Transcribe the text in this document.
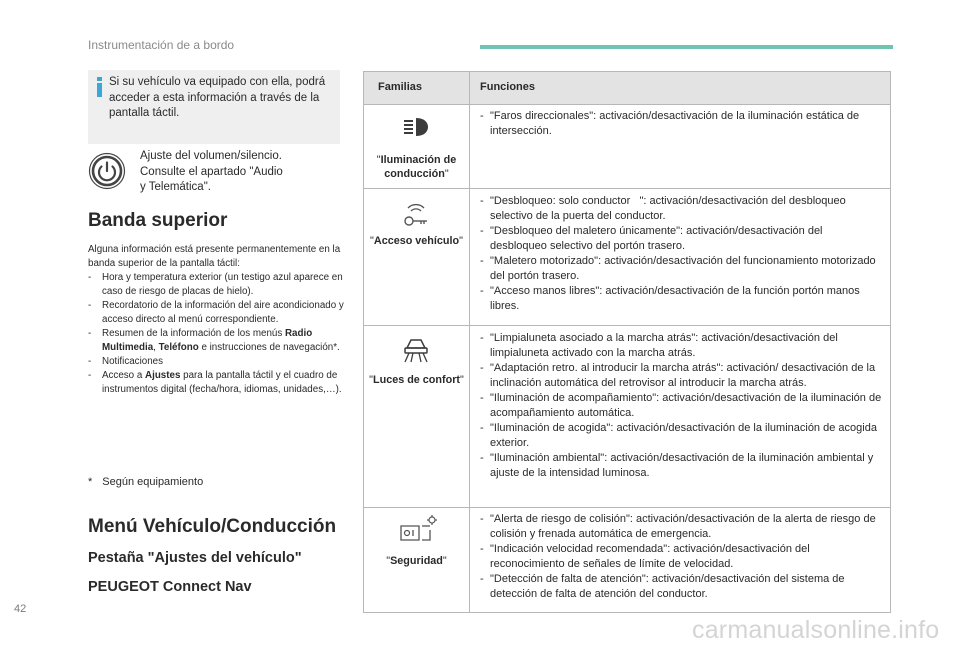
Instrumentación de a bordo
Si su vehículo va equipado con ella, podrá acceder a esta información a través de la pantalla táctil.
Ajuste del volumen/silencio.
Consulte el apartado "Audio
y Telemática".
Banda superior

Alguna información está presente permanentemente en la banda superior de la pantalla táctil:

-	Hora y temperatura exterior (un testigo azul aparece en caso de riesgo de placas de hielo).
-	Recordatorio de la información del aire acondicionado y acceso directo al menú correspondiente.
-	Resumen de la información de los menús Radio Multimedia, Teléfono e instrucciones de navegación*.
-	Notificaciones
-	Acceso a Ajustes para la pantalla táctil y el cuadro de instrumentos digital (fecha/hora, idiomas, unidades,…).
* Según equipamiento
Menú Vehículo/Conducción
Pestaña "Ajustes del vehículo"
PEUGEOT Connect Nav
Familias	Funciones
"Iluminación de
conducción"
- "Faros direccionales": activación/desactivación de la iluminación estática de intersección.
"Acceso vehículo"
- "Desbloqueo: solo conductor   ": activación/desactivación del desbloqueo selectivo de la puerta del conductor.
- "Desbloqueo del maletero únicamente": activación/desactivación del desbloqueo selectivo del portón trasero.
- "Maletero motorizado": activación/desactivación del funcionamiento motorizado del portón trasero.
- "Acceso manos libres": activación/desactivación de la función portón manos libres.
"Luces de confort"
- "Limpialuneta asociado a la marcha atrás": activación/desactivación del limpialuneta activado con la marcha atrás.
- "Adaptación retro. al introducir la marcha atrás": activación/ desactivación de la inclinación automática del retrovisor al introducir la marcha atrás.
- "Iluminación de acompañamiento": activación/desactivación de la iluminación de acompañamiento automática.
- "Iluminación de acogida": activación/desactivación de la iluminación de acogida exterior.
- "Iluminación ambiental": activación/desactivación de la iluminación ambiental y ajuste de la intensidad luminosa.
"Seguridad"
- "Alerta de riesgo de colisión": activación/desactivación de la alerta de riesgo de colisión y frenada automática de emergencia.
- "Indicación velocidad recomendada": activación/desactivación del reconocimiento de señales de límite de velocidad.
- "Detección de falta de atención": activación/desactivación del sistema de detección de falta de atención del conductor.
42
carmanualsonline.info
